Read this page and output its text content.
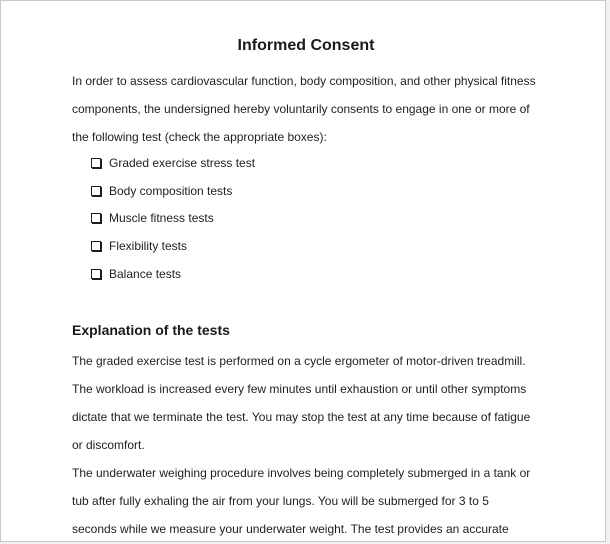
Informed Consent
In order to assess cardiovascular function, body composition, and other physical fitness
components, the undersigned hereby voluntarily consents to engage in one or more of
the following test (check the appropriate boxes):
Graded exercise stress test
Body composition tests
Muscle fitness tests
Flexibility tests
Balance tests
Explanation of the tests
The graded exercise test is performed on a cycle ergometer of motor-driven treadmill.
The workload is increased every few minutes until exhaustion or until other symptoms
dictate that we terminate the test. You may stop the test at any time because of fatigue
or discomfort.
The underwater weighing procedure involves being completely submerged in a tank or
tub after fully exhaling the air from your lungs. You will be submerged for 3 to 5
seconds while we measure your underwater weight. The test provides an accurate
